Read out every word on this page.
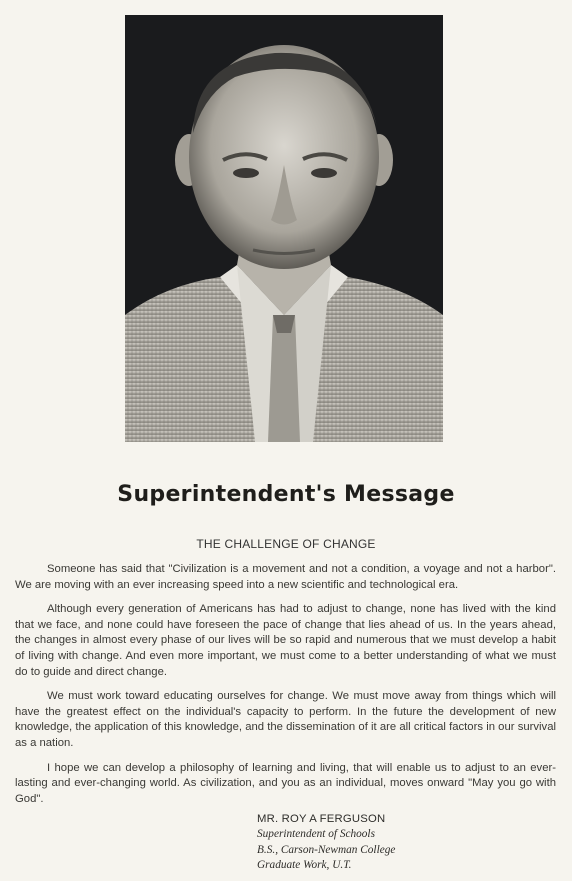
Superintendent's Message
THE CHALLENGE OF CHANGE

Someone has said that "Civilization is a movement and not a condition, a voyage and not a harbor". We are moving with an ever increasing speed into a new scientific and technological era.

Although every generation of Americans has had to adjust to change, none has lived with the kind that we face, and none could have foreseen the pace of change that lies ahead of us. In the years ahead, the changes in almost every phase of our lives will be so rapid and numerous that we must develop a habit of living with change. And even more important, we must come to a better understanding of what we must do to guide and direct change.

We must work toward educating ourselves for change. We must move away from things which will have the greatest effect on the individual's capacity to perform. In the future the development of new knowledge, the application of this knowledge, and the dissemination of it are all critical factors in our survival as a nation.

I hope we can develop a philosophy of learning and living, that will enable us to adjust to an ever-lasting and ever-changing world. As civilization, and you as an individual, moves onward "May you go with God".

MR. ROY A FERGUSON
Superintendent of Schools
B.S., Carson-Newman College
Graduate Work, U.T.
